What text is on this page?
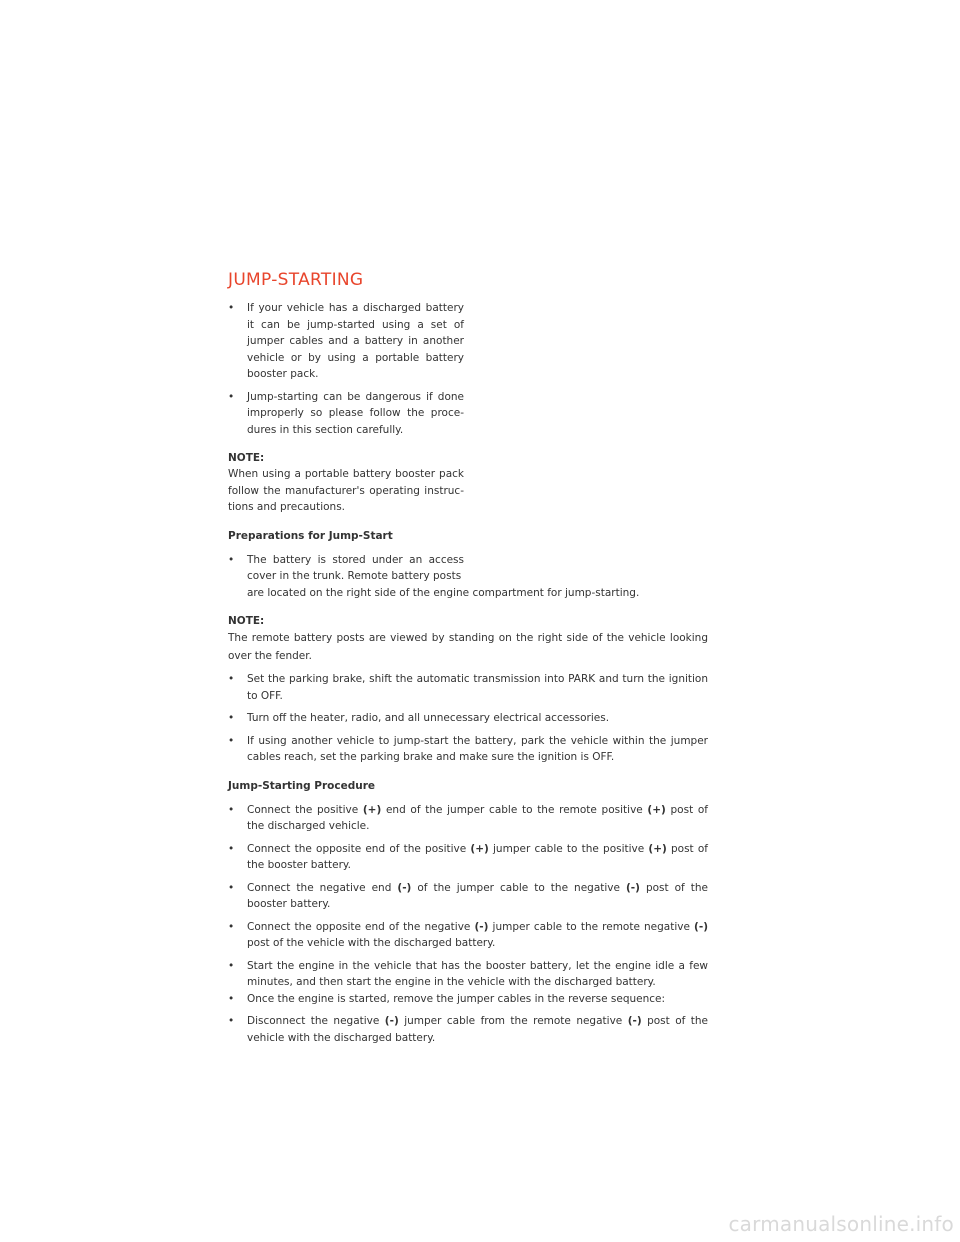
JUMP-STARTING
• If your vehicle has a discharged battery it can be jump-started using a set of jumper cables and a battery in another vehicle or by using a portable battery booster pack.
• Jump-starting can be dangerous if done improperly so please follow the proce- dures in this section carefully.
NOTE:
When using a portable battery booster pack follow the manufacturer's operating instruc- tions and precautions.
Preparations for Jump-Start
• The battery is stored under an access cover in the trunk. Remote battery posts
are located on the right side of the engine compartment for jump-starting.
NOTE:
The remote battery posts are viewed by standing on the right side of the vehicle looking over the fender.
• Set the parking brake, shift the automatic transmission into PARK and turn the ignition to OFF.
• Turn off the heater, radio, and all unnecessary electrical accessories.
• If using another vehicle to jump-start the battery, park the vehicle within the jumper cables reach, set the parking brake and make sure the ignition is OFF.
Jump-Starting Procedure
• Connect the positive (+) end of the jumper cable to the remote positive (+) post of the discharged vehicle.
• Connect the opposite end of the positive (+) jumper cable to the positive (+) post of the booster battery.
• Connect the negative end (-) of the jumper cable to the negative (-) post of the booster battery.
• Connect the opposite end of the negative (-) jumper cable to the remote negative (-) post of the vehicle with the discharged battery.
• Start the engine in the vehicle that has the booster battery, let the engine idle a few minutes, and then start the engine in the vehicle with the discharged battery.
• Once the engine is started, remove the jumper cables in the reverse sequence:
• Disconnect the negative (-) jumper cable from the remote negative (-) post of the vehicle with the discharged battery.
carmanualsonline.info
